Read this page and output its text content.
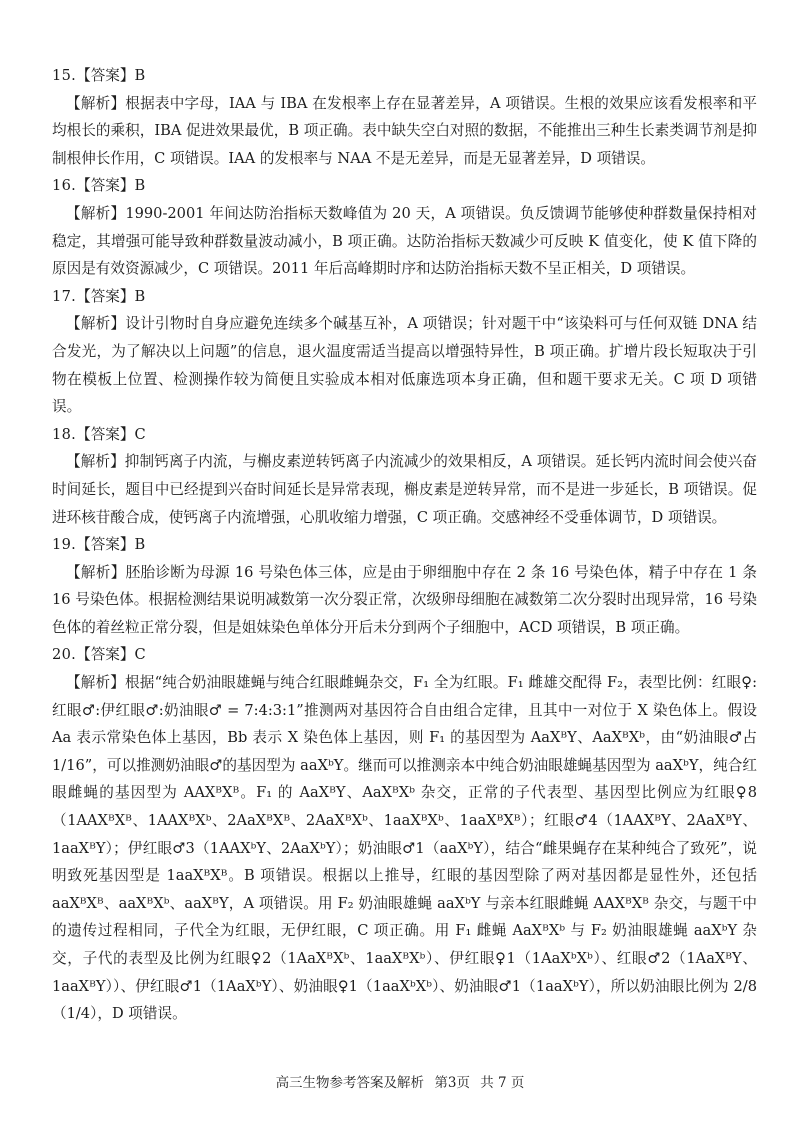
15.【答案】B

【解析】根据表中字母，IAA 与 IBA 在发根率上存在显著差异，A 项错误。生根的效果应该看发根率和平均根长的乘积，IBA 促进效果最优，B 项正确。表中缺失空白对照的数据，不能推出三种生长素类调节剂是抑制根伸长作用，C 项错误。IAA 的发根率与 NAA 不是无差异，而是无显著差异，D 项错误。

16.【答案】B

【解析】1990-2001 年间达防治指标天数峰值为 20 天，A 项错误。负反馈调节能够使种群数量保持相对稳定，其增强可能导致种群数量波动减小，B 项正确。达防治指标天数减少可反映 K 值变化，使 K 值下降的原因是有效资源减少，C 项错误。2011 年后高峰期时序和达防治指标天数不呈正相关，D 项错误。

17.【答案】B

【解析】设计引物时自身应避免连续多个碱基互补，A 项错误；针对题干中“该染料可与任何双链 DNA 结合发光，为了解决以上问题”的信息，退火温度需适当提高以增强特异性，B 项正确。扩增片段长短取决于引物在模板上位置、检测操作较为简便且实验成本相对低廉选项本身正确，但和题干要求无关。C 项 D 项错误。

18.【答案】C

【解析】抑制钙离子内流，与槲皮素逆转钙离子内流减少的效果相反，A 项错误。延长钙内流时间会使兴奋时间延长，题目中已经提到兴奋时间延长是异常表现，槲皮素是逆转异常，而不是进一步延长，B 项错误。促进环核苷酸合成，使钙离子内流增强，心肌收缩力增强，C 项正确。交感神经不受垂体调节，D 项错误。

19.【答案】B

【解析】胚胎诊断为母源 16 号染色体三体，应是由于卵细胞中存在 2 条 16 号染色体，精子中存在 1 条 16 号染色体。根据检测结果说明减数第一次分裂正常，次级卵母细胞在减数第二次分裂时出现异常，16 号染色体的着丝粒正常分裂，但是姐妹染色单体分开后未分到两个子细胞中，ACD 项错误，B 项正确。

20.【答案】C

【解析】根据“纯合奶油眼雄蝇与纯合红眼雌蝇杂交，F₁ 全为红眼。F₁ 雌雄交配得 F₂，表型比例：红眼♀:红眼♂:伊红眼♂:奶油眼♂ = 7:4:3:1”推测两对基因符合自由组合定律，且其中一对位于 X 染色体上。假设 Aa 表示常染色体上基因，Bb 表示 X 染色体上基因，则 F₁ 的基因型为 AaXᴮY、AaXᴮXᵇ，由“奶油眼♂占 1/16”，可以推测奶油眼♂的基因型为 aaXᵇY。继而可以推测亲本中纯合奶油眼雄蝇基因型为 aaXᵇY，纯合红眼雌蝇的基因型为 AAXᴮXᴮ。F₁ 的 AaXᴮY、AaXᴮXᵇ 杂交，正常的子代表型、基因型比例应为红眼♀8（1AAXᴮXᴮ、1AAXᴮXᵇ、2AaXᴮXᴮ、2AaXᴮXᵇ、1aaXᴮXᵇ、1aaXᴮXᴮ）；红眼♂4（1AAXᴮY、2AaXᴮY、1aaXᴮY）；伊红眼♂3（1AAXᵇY、2AaXᵇY）；奶油眼♂1（aaXᵇY），结合“雌果蝇存在某种纯合了致死”，说明致死基因型是 1aaXᴮXᴮ。B 项错误。根据以上推导，红眼的基因型除了两对基因都是显性外，还包括 aaXᴮXᴮ、aaXᴮXᵇ、aaXᴮY，A 项错误。用 F₂ 奶油眼雄蝇 aaXᵇY 与亲本红眼雌蝇 AAXᴮXᴮ 杂交，与题干中的遗传过程相同，子代全为红眼，无伊红眼，C 项正确。用 F₁ 雌蝇 AaXᴮXᵇ 与 F₂ 奶油眼雄蝇 aaXᵇY 杂交，子代的表型及比例为红眼♀2（1AaXᴮXᵇ、1aaXᴮXᵇ）、伊红眼♀1（1AaXᵇXᵇ）、红眼♂2（1AaXᴮY、1aaXᴮY））、伊红眼♂1（1AaXᵇY）、奶油眼♀1（1aaXᵇXᵇ）、奶油眼♂1（1aaXᵇY），所以奶油眼比例为 2/8（1/4），D 项错误。

高三生物参考答案及解析 第3页 共 7 页
